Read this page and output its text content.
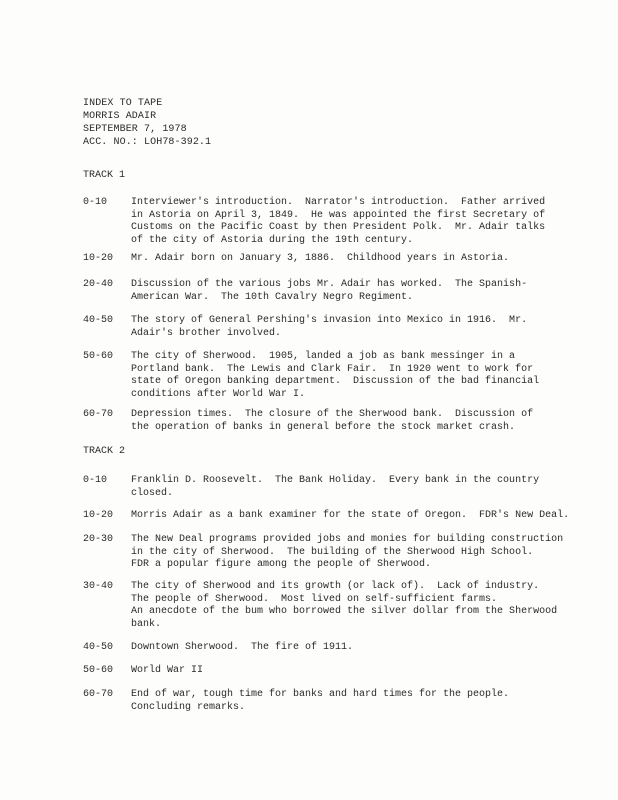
INDEX TO TAPE
MORRIS ADAIR
SEPTEMBER 7, 1978
ACC. NO.: LOH78-392.1
TRACK 1
0-10 Interviewer's introduction.  Narrator's introduction.  Father arrived
in Astoria on April 3, 1849.  He was appointed the first Secretary of
Customs on the Pacific Coast by then President Polk.  Mr. Adair talks
of the city of Astoria during the 19th century.
10-20 Mr. Adair born on January 3, 1886.  Childhood years in Astoria.
20-40 Discussion of the various jobs Mr. Adair has worked.  The Spanish-
American War.  The 10th Cavalry Negro Regiment.
40-50 The story of General Pershing's invasion into Mexico in 1916.  Mr.
Adair's brother involved.
50-60 The city of Sherwood.  1905, landed a job as bank messinger in a
Portland bank.  The Lewis and Clark Fair.  In 1920 went to work for
state of Oregon banking department.  Discussion of the bad financial
conditions after World War I.
60-70 Depression times.  The closure of the Sherwood bank.  Discussion of
the operation of banks in general before the stock market crash.
TRACK 2
0-10 Franklin D. Roosevelt.  The Bank Holiday.  Every bank in the country
closed.
10-20 Morris Adair as a bank examiner for the state of Oregon.  FDR's New Deal.
20-30 The New Deal programs provided jobs and monies for building construction
in the city of Sherwood.  The building of the Sherwood High School.
FDR a popular figure among the people of Sherwood.
30-40 The city of Sherwood and its growth (or lack of).  Lack of industry.
The people of Sherwood.  Most lived on self-sufficient farms.
An anecdote of the bum who borrowed the silver dollar from the Sherwood
bank.
40-50 Downtown Sherwood.  The fire of 1911.
50-60 World War II
60-70 End of war, tough time for banks and hard times for the people.
Concluding remarks.
